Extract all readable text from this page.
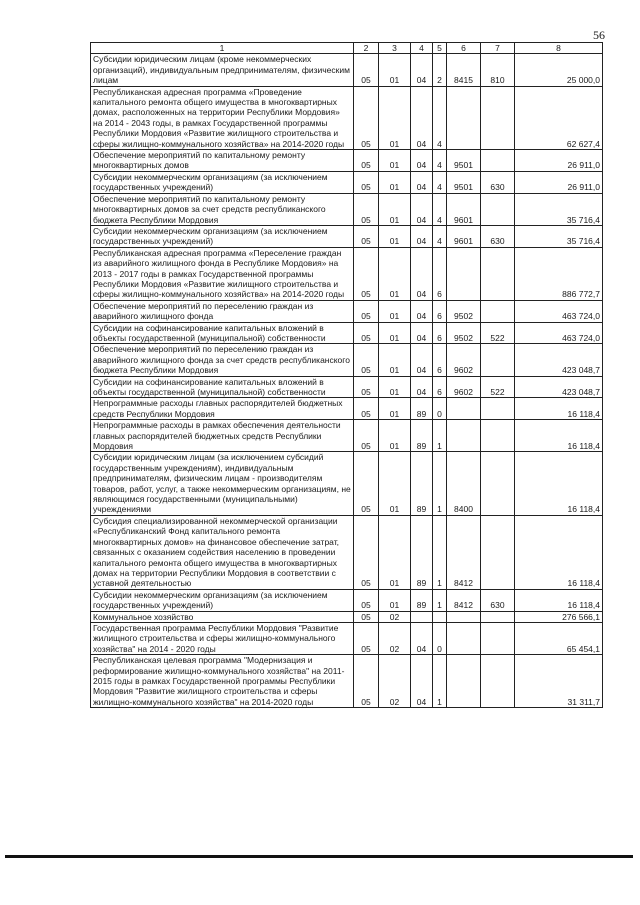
56
1	2	3	4	5	6	7	8
Субсидии юридическим лицам (кроме некоммерческих организаций), индивидуальным предпринимателям, физическим лицам	05	01	04	2	8415	810	25 000,0
Республиканская адресная программа «Проведение капитального ремонта общего имущества в многоквартирных домах, расположенных на территории Республики Мордовия» на 2014 - 2043 годы, в рамках Государственной программы Республики Мордовия «Развитие жилищного строительства и сферы жилищно-коммунального хозяйства» на 2014-2020 годы	05	01	04	4			62 627,4
Обеспечение мероприятий по капитальному ремонту многоквартирных домов	05	01	04	4	9501		26 911,0
Субсидии некоммерческим организациям (за исключением государственных учреждений)	05	01	04	4	9501	630	26 911,0
Обеспечение мероприятий по капитальному ремонту многоквартирных домов за счет средств республиканского бюджета Республики Мордовия	05	01	04	4	9601		35 716,4
Субсидии некоммерческим организациям (за исключением государственных учреждений)	05	01	04	4	9601	630	35 716,4
Республиканская адресная программа «Переселение граждан из аварийного жилищного фонда в Республике Мордовия» на 2013 - 2017 годы в рамках Государственной программы Республики Мордовия «Развитие жилищного строительства и сферы жилищно-коммунального хозяйства» на 2014-2020 годы	05	01	04	6			886 772,7
Обеспечение мероприятий по переселению граждан из аварийного жилищного фонда	05	01	04	6	9502		463 724,0
Субсидии на софинансирование капитальных вложений в объекты государственной (муниципальной) собственности	05	01	04	6	9502	522	463 724,0
Обеспечение мероприятий по переселению граждан из аварийного жилищного фонда за счет средств республиканского бюджета Республики Мордовия	05	01	04	6	9602		423 048,7
Субсидии на софинансирование капитальных вложений в объекты государственной (муниципальной) собственности	05	01	04	6	9602	522	423 048,7
Непрограммные расходы главных распорядителей бюджетных средств Республики Мордовия	05	01	89	0			16 118,4
Непрограммные расходы в рамках обеспечения деятельности главных распорядителей бюджетных средств Республики Мордовия	05	01	89	1			16 118,4
Субсидии юридическим лицам (за исключением субсидий государственным учреждениям), индивидуальным предпринимателям, физическим лицам - производителям товаров, работ, услуг, а также некоммерческим организациям, не являющимся государственными (муниципальными) учреждениями	05	01	89	1	8400		16 118,4
Субсидия специализированной некоммерческой организации «Республиканский Фонд капитального ремонта многоквартирных домов» на финансовое обеспечение затрат, связанных с оказанием содействия населению в проведении капитального ремонта общего имущества в многоквартирных домах на территории Республики Мордовия в соответствии с уставной деятельностью	05	01	89	1	8412		16 118,4
Субсидии некоммерческим организациям (за исключением государственных учреждений)	05	01	89	1	8412	630	16 118,4
Коммунальное хозяйство	05	02					276 566,1
Государственная программа Республики Мордовия "Развитие жилищного строительства и сферы жилищно-коммунального хозяйства" на 2014 - 2020 годы	05	02	04	0			65 454,1
Республиканская целевая программа "Модернизация и реформирование жилищно-коммунального хозяйства" на 2011-2015 годы в рамках Государственной программы Республики Мордовия "Развитие жилищного строительства и сферы жилищно-коммунального хозяйства" на 2014-2020 годы	05	02	04	1			31 311,7
